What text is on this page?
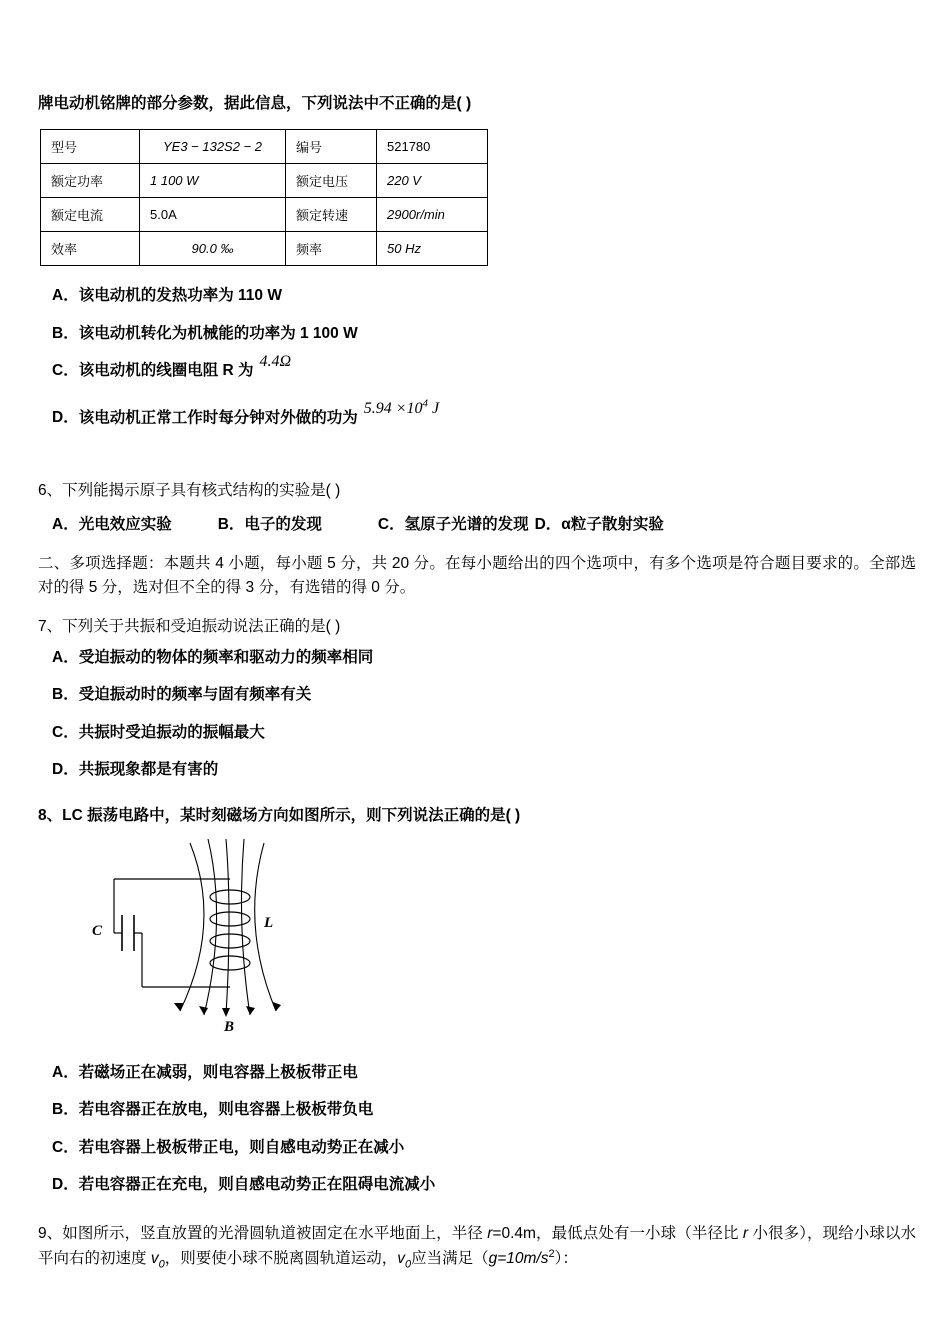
牌电动机铭牌的部分参数，据此信息，下列说法中不正确的是( )

型号	YE3 − 132S2 − 2	编号	521780
额定功率	1 100 W	额定电压	220 V
额定电流	5.0A	额定转速	2900r/min
效率	90.0 ‰	频率	50 Hz
A．该电动机的发热功率为 110 W
B．该电动机转化为机械能的功率为 1 100 W
C．该电动机的线圈电阻 R 为4.4Ω
D．该电动机正常工作时每分钟对外做的功为$5.94 \times 10^4$ J

6、下列能揭示原子具有核式结构的实验是( )

A．光电效应实验	B．电子的发现	C．氢原子光谱的发现 D．α粒子散射实验

二、多项选择题：本题共 4 小题，每小题 5 分，共 20 分。在每小题给出的四个选项中，有多个选项是符合题目要求的。全部选对的得 5 分，选对但不全的得 3 分，有选错的得 0 分。

7、下列关于共振和受迫振动说法正确的是( )

A．受迫振动的物体的频率和驱动力的频率相同
B．受迫振动时的频率与固有频率有关
C．共振时受迫振动的振幅最大
D．共振现象都是有害的

8、LC 振荡电路中，某时刻磁场方向如图所示，则下列说法正确的是( )

C	L
B
A．若磁场正在减弱，则电容器上极板带正电
B．若电容器正在放电，则电容器上极板带负电
C．若电容器上极板带正电，则自感电动势正在减小
D．若电容器正在充电，则自感电动势正在阻碍电流减小

9、如图所示，竖直放置的光滑圆轨道被固定在水平地面上，半径 r=0.4m，最低点处有一小球（半径比 r 小很多），现给小球以水平向右的初速度 $v_0$，则要使小球不脱离圆轨道运动，$v_0$应当满足$(g=10m/s^2)$：
